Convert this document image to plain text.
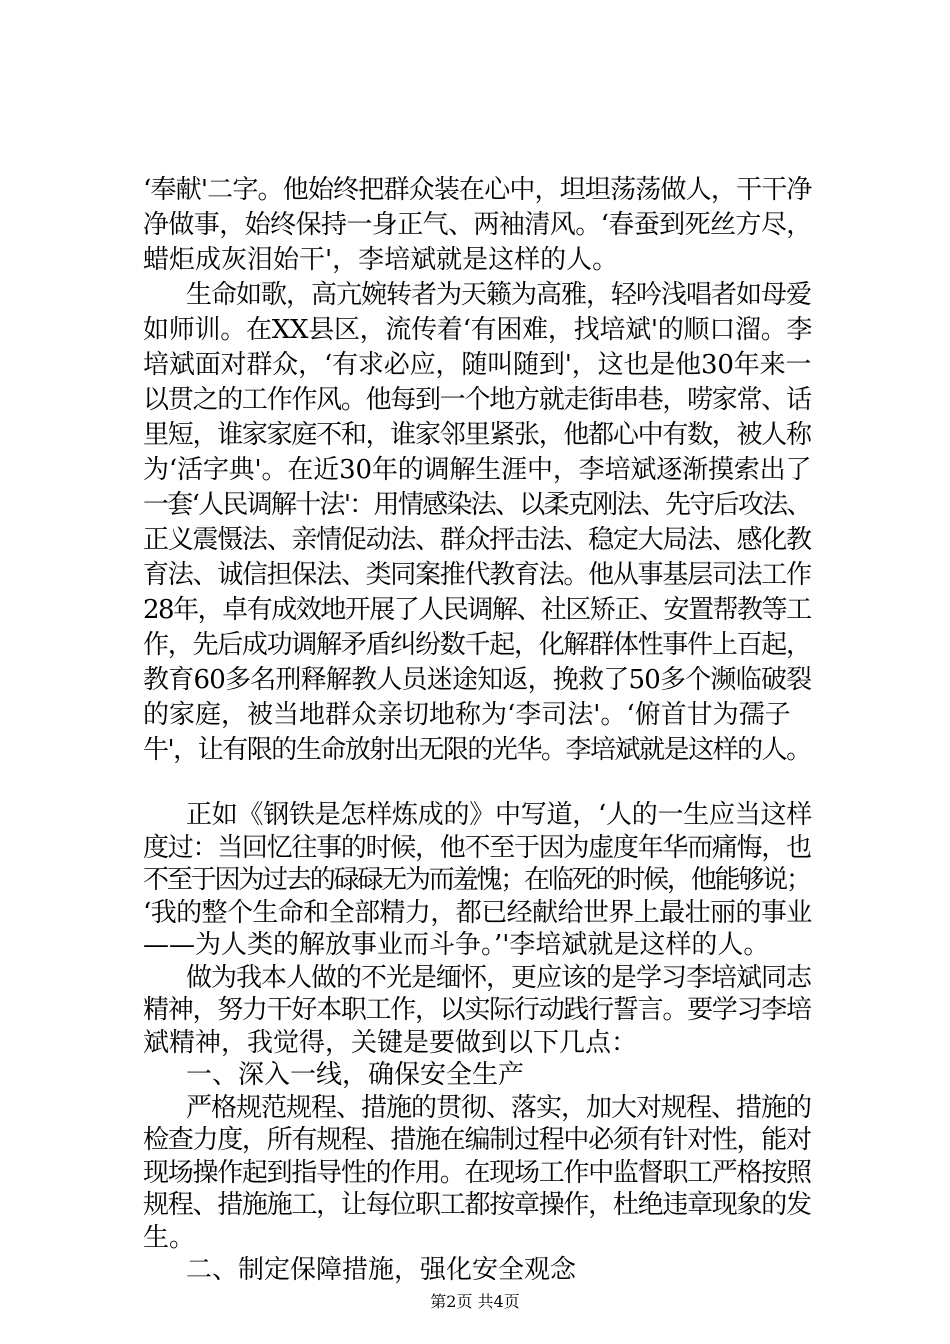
‘奉献'二字。他始终把群众装在心中，坦坦荡荡做人，干干净
净做事，始终保持一身正气、两袖清风。‘春蚕到死丝方尽，
蜡炬成灰泪始干'，李培斌就是这样的人。
生命如歌，高亢婉转者为天籁为高雅，轻吟浅唱者如母爱
如师训。在XX县区，流传着‘有困难，找培斌'的顺口溜。李
培斌面对群众，‘有求必应，随叫随到'，这也是他30年来一
以贯之的工作作风。他每到一个地方就走街串巷，唠家常、话
里短，谁家家庭不和，谁家邻里紧张，他都心中有数，被人称
为‘活字典'。在近30年的调解生涯中，李培斌逐渐摸索出了
一套‘人民调解十法'：用情感染法、以柔克刚法、先守后攻法、
正义震慑法、亲情促动法、群众抨击法、稳定大局法、感化教
育法、诚信担保法、类同案推代教育法。他从事基层司法工作
28年，卓有成效地开展了人民调解、社区矫正、安置帮教等工
作，先后成功调解矛盾纠纷数千起，化解群体性事件上百起，
教育60多名刑释解教人员迷途知返，挽救了50多个濒临破裂
的家庭，被当地群众亲切地称为‘李司法'。‘俯首甘为孺子
牛'，让有限的生命放射出无限的光华。李培斌就是这样的人。
正如《钢铁是怎样炼成的》中写道，‘人的一生应当这样
度过：当回忆往事的时候，他不至于因为虚度年华而痛悔，也
不至于因为过去的碌碌无为而羞愧；在临死的时候，他能够说；
‘我的整个生命和全部精力，都已经献给世界上最壮丽的事业
——为人类的解放事业而斗争。’'李培斌就是这样的人。
做为我本人做的不光是缅怀，更应该的是学习李培斌同志
精神，努力干好本职工作，以实际行动践行誓言。要学习李培
斌精神，我觉得，关键是要做到以下几点：
一、深入一线，确保安全生产
严格规范规程、措施的贯彻、落实，加大对规程、措施的
检查力度，所有规程、措施在编制过程中必须有针对性，能对
现场操作起到指导性的作用。在现场工作中监督职工严格按照
规程、措施施工，让每位职工都按章操作，杜绝违章现象的发
生。
二、制定保障措施，强化安全观念
第2页 共4页
